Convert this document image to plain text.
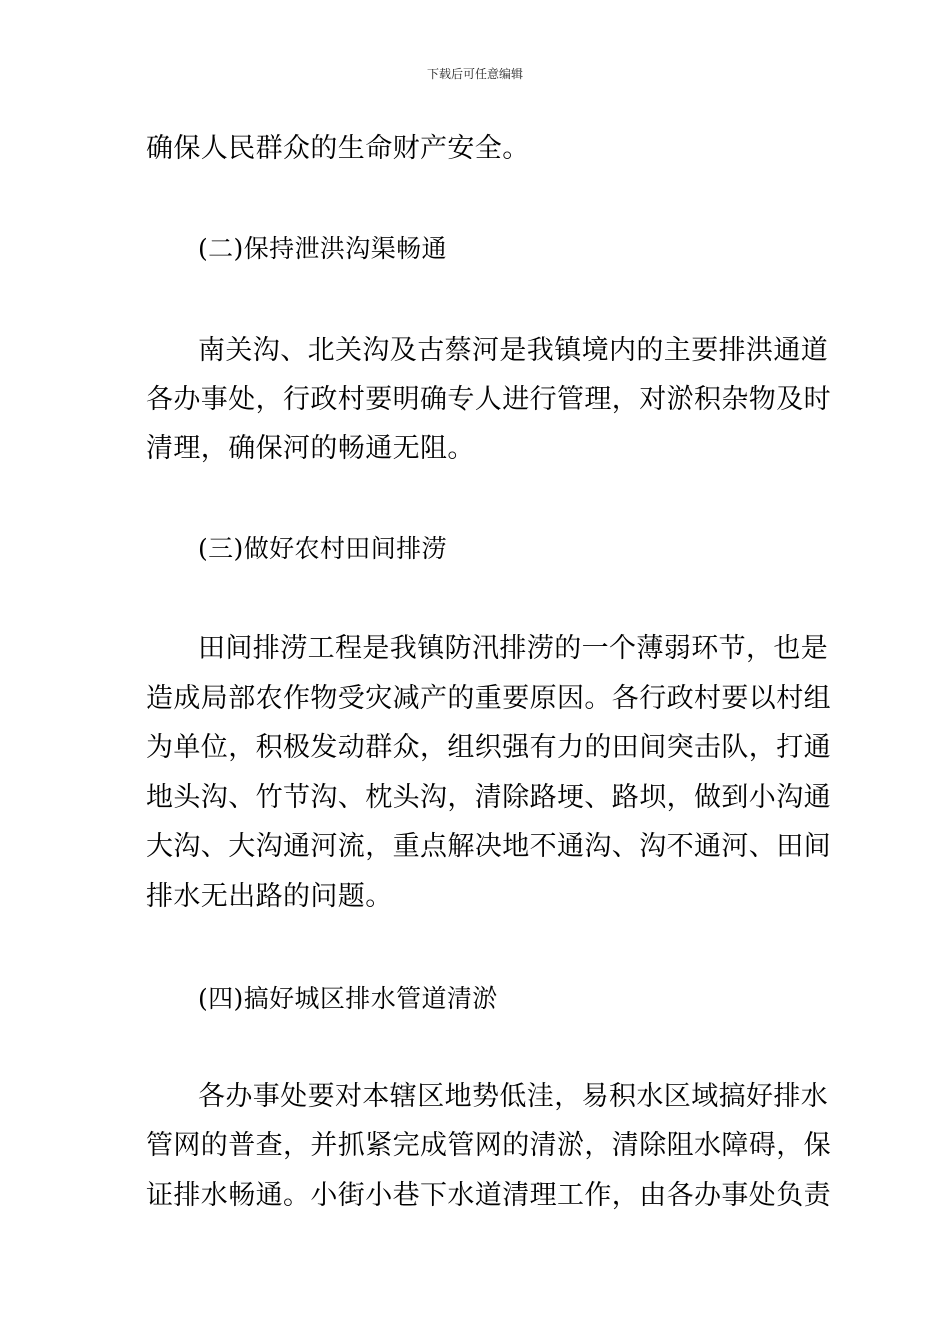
下载后可任意编辑
确保人民群众的生命财产安全。
(二)保持泄洪沟渠畅通
南关沟、北关沟及古蔡河是我镇境内的主要排洪通道
各办事处，行政村要明确专人进行管理，对淤积杂物及时
清理，确保河的畅通无阻。
(三)做好农村田间排涝
田间排涝工程是我镇防汛排涝的一个薄弱环节，也是
造成局部农作物受灾减产的重要原因。各行政村要以村组
为单位，积极发动群众，组织强有力的田间突击队，打通
地头沟、竹节沟、枕头沟，清除路埂、路坝，做到小沟通
大沟、大沟通河流，重点解决地不通沟、沟不通河、田间
排水无出路的问题。
(四)搞好城区排水管道清淤
各办事处要对本辖区地势低洼，易积水区域搞好排水
管网的普查，并抓紧完成管网的清淤，清除阻水障碍，保
证排水畅通。小街小巷下水道清理工作，由各办事处负责
